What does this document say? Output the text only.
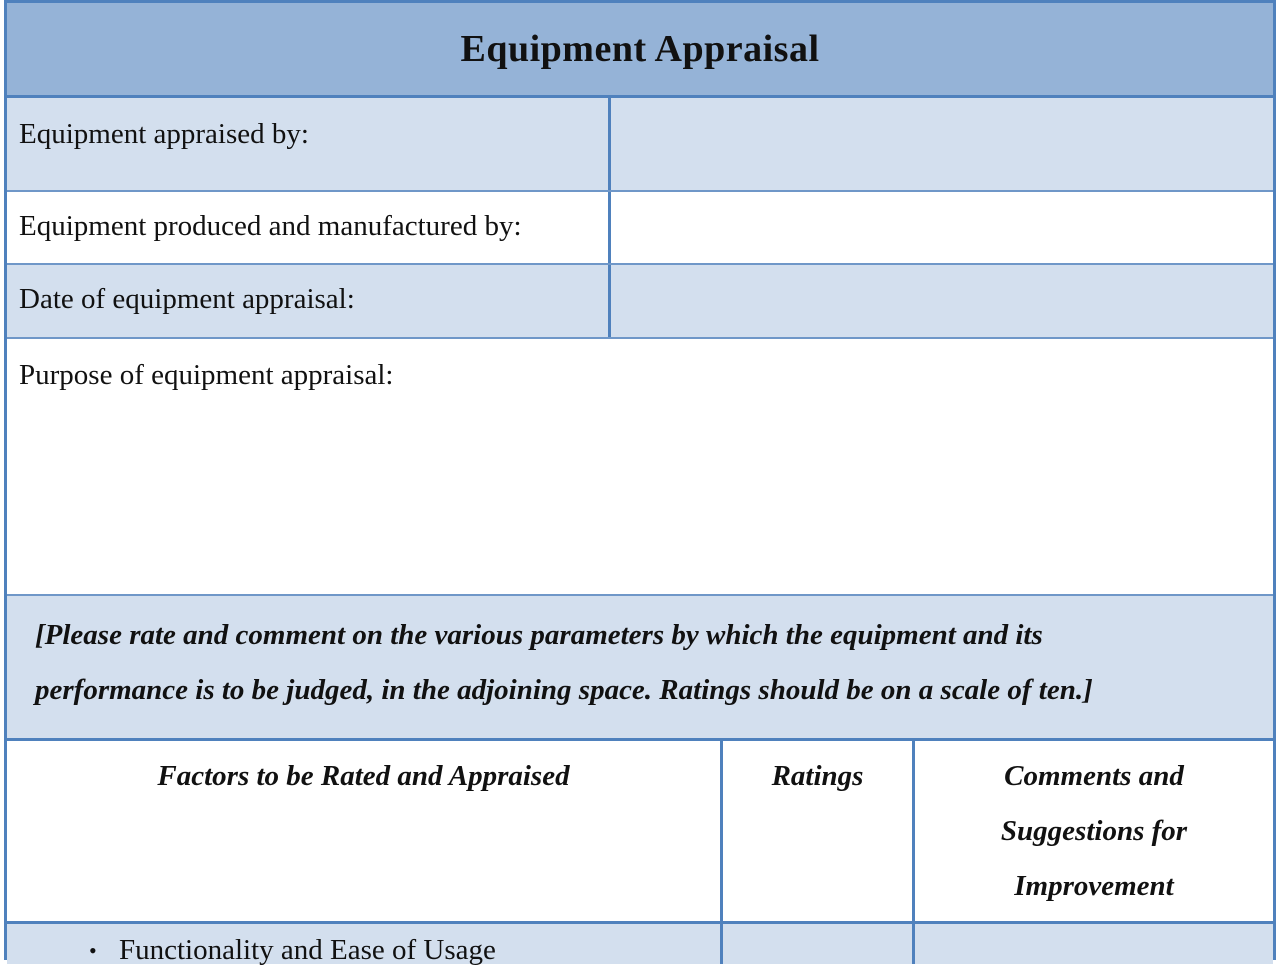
Equipment Appraisal
Equipment appraised by:
Equipment produced and manufactured by:
Date of equipment appraisal:
Purpose of equipment appraisal:
[Please rate and comment on the various parameters by which the equipment and its
performance is to be judged, in the adjoining space. Ratings should be on a scale of ten.]
Factors to be Rated and Appraised	Ratings	Comments and Suggestions for Improvement
• Functionality and Ease of Usage
